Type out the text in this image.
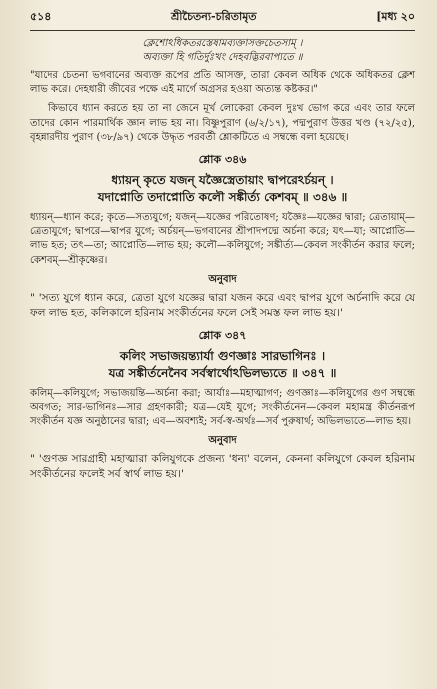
৫১৪	শ্রীচৈতন্য-চরিতামৃত	[মধ্য ২০

ক্লেশোঽধিকতরস্তেষামব্যক্তাসক্তচেতসাম্ ।
অব্যক্তা হি গতির্দুঃখং দেহবদ্ভিরবাপ্যতে ॥

"যাদের চেতনা ভগবানের অব্যক্ত রূপের প্রতি আসক্ত, তারা কেবল অধিক থেকে অধিকতর ক্লেশ লাভ করে। দেহধারী জীবের পক্ষে এই মার্গে অগ্রসর হওয়া অত্যন্ত কষ্টকর।"

কিভাবে ধ্যান করতে হয় তা না জেনে মূর্খ লোকেরা কেবল দুঃখ ভোগ করে এবং তার ফলে তাদের কোন পারমার্থিক জ্ঞান লাভ হয় না। বিষ্ণুপুরাণ (৬/২/১৭), পদ্মপুরাণ উত্তর খণ্ড (৭২/২৫), বৃহন্নারদীয় পুরাণ (৩৮/৯৭) থেকে উদ্ধৃত পরবর্তী শ্লোকটিতে এ সম্বন্ধে বলা হয়েছে।

শ্লোক ৩৪৬

ধ্যায়ন্ কৃতে যজন্ যজ্ঞৈস্ত্রেতায়াং দ্বাপরেঽর্চয়ন্ ।
যদাপ্নোতি তদাপ্নোতি কলৌ সঙ্কীর্ত্য কেশবম্ ॥ ৩৪৬ ॥

ধ্যায়ন্—ধ্যান করে; কৃতে—সত্যযুগে; যজন্—যজ্ঞের পরিতোষণ; যজ্ঞৈঃ—যজ্ঞের দ্বারা; ত্রেতায়াম্—ত্রেতাযুগে; দ্বাপরে—দ্বাপর যুগে; অর্চয়ন্—ভগবানের শ্রীপাদপদ্মে অর্চনা করে; যৎ—যা; আপ্নোতি—লাভ হত; তৎ—তা; আপ্নোতি—লাভ হয়; কলৌ—কলিযুগে; সঙ্কীর্ত্য—কেবল সংকীর্তন করার ফলে; কেশবম্—শ্রীকৃষ্ণের।

অনুবাদ

" 'সত্য যুগে ধ্যান করে, ত্রেতা যুগে যজ্ঞের দ্বারা যজন করে এবং দ্বাপর যুগে অর্চনাদি করে যে ফল লাভ হত, কলিকালে হরিনাম সংকীর্তনের ফলে সেই সমস্ত ফল লাভ হয়।'

শ্লোক ৩৪৭

কলিং সভাজয়ন্ত্যার্যা গুণজ্ঞাঃ সারভাগিনঃ ।
যত্র সঙ্কীর্তনেনৈব সর্বস্বার্থোঽভিলভ্যতে ॥ ৩৪৭ ॥

কলিম্—কলিযুগে; সভাজয়ন্তি—অর্চনা করা; আর্যাঃ—মহাত্মাগণ; গুণজ্ঞাঃ—কলিযুগের গুণ সম্বন্ধে অবগত; সার-ভাগিনঃ—সার গ্রহণকারী; যত্র—যেই যুগে; সংকীর্তনেন—কেবল মহামন্ত্র কীর্তনরূপ সংকীর্তন যজ্ঞ অনুষ্ঠানের দ্বারা; এব—অবশ্যই; সর্ব-স্ব-অর্থঃ—সর্ব পুরুষার্থ; অভিলভ্যতে—লাভ হয়।

অনুবাদ

" 'গুণজ্ঞ সারগ্রাহী মহাত্মারা কলিযুগকে প্রজন্য 'ধন্য' বলেন, কেননা কলিযুগে কেবল হরিনাম সংকীর্তনের ফলেই সর্ব স্বার্থ লাভ হয়।'
